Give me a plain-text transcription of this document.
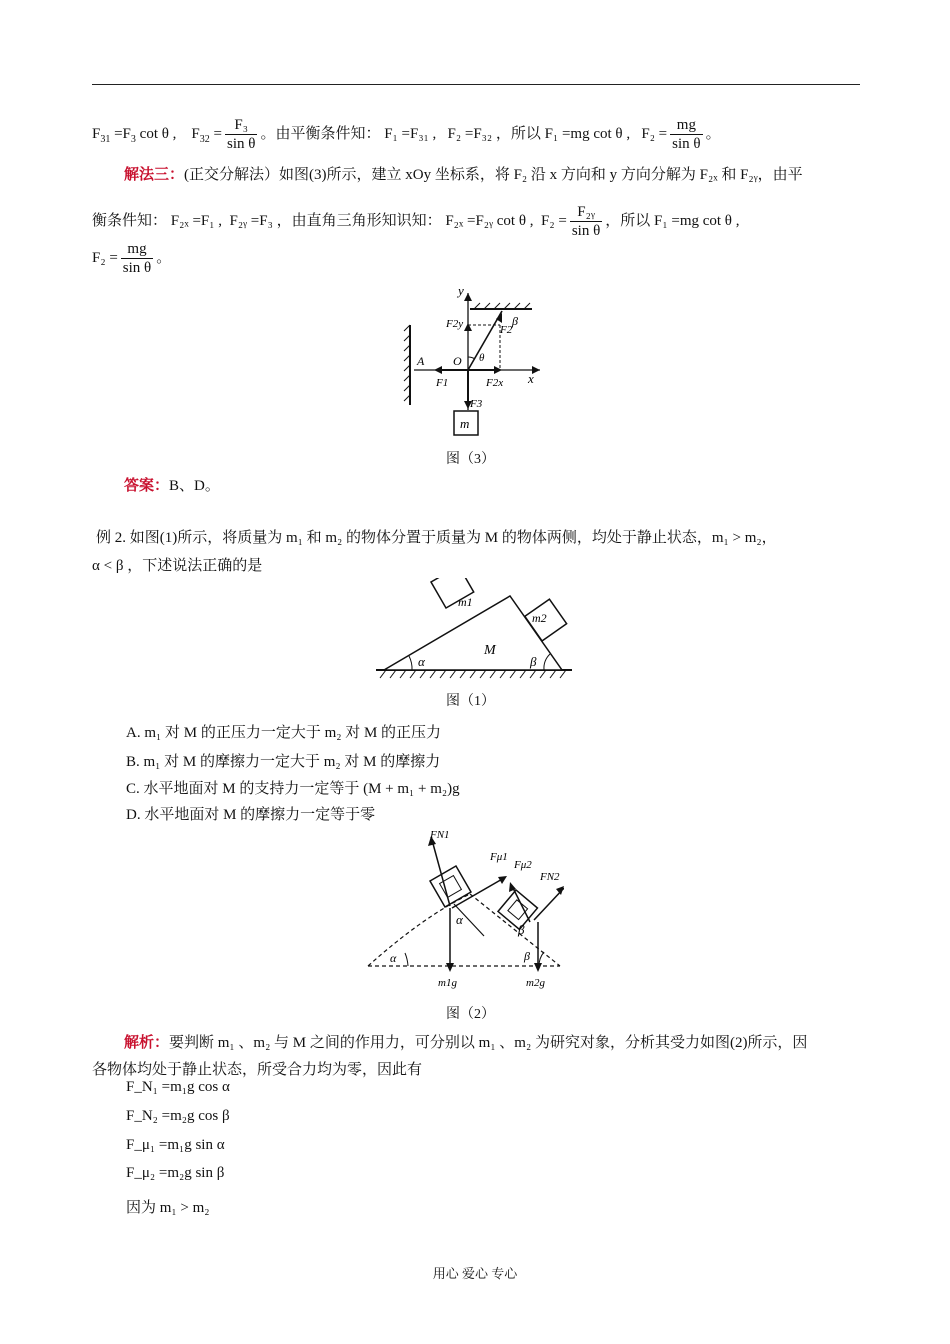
$F_{31} =F_3$ cot θ , $F_{32} = \frac{\text{F₃}}{\text{sin θ}}$ 。由平衡条件知： F₁ =F₃₁ , F₂ =F₃₂ ，所以 F₁ =mg cot θ , $F_2 = \frac{mg}{\text{sin θ}}$ 。
解法三：(正交分解法）如图(3)所示，建立 xOy 坐标系，将 F₂ 沿 x 方向和 y 方向分解为 F₂ₓ 和 F₂ᵧ，由平
衡条件知： F₂ₓ =F₁ , F₂ᵧ =F₃ ，由直角三角形知识知： F₂ₓ =F₂ᵧ cot θ , $F_2 = \frac{\text{F₂ᵧ}}{\text{sin θ}}$ ，所以 F₁ =mg cot θ ,
$F_2 = \frac{mg}{\text{sin θ}}$ 。
m
y
x
F2y	F2
β
A O θ
F1	F2x
F3
图（3）
答案：B、D。
例 2. 如图(1)所示，将质量为 m₁ 和 m₂ 的物体分置于质量为 M 的物体两侧，均处于静止状态，m₁ > m₂，
α < β ，下述说法正确的是
m1
m2
M
α	β
图（1）
A. m₁ 对 M 的正压力一定大于 m₂ 对 M 的正压力
B. m₁ 对 M 的摩擦力一定大于 m₂ 对 M 的摩擦力
C. 水平地面对 M 的支持力一定等于 (M + m₁ + m₂)g
D. 水平地面对 M 的摩擦力一定等于零
FN1
Fμ1
Fμ2
FN2
α
β
α	β
m1g	m2g
图（2）
解析：要判断 m₁ 、m₂ 与 M 之间的作用力，可分别以 m₁ 、m₂ 为研究对象，分析其受力如图(2)所示，因
各物体均处于静止状态，所受合力均为零，因此有
F_N₁ =m₁g cos α
F_N₂ =m₂g cos β
F_μ₁ =m₁g sin α
F_μ₂ =m₂g sin β
因为 m₁ > m₂
用心 爱心 专心
